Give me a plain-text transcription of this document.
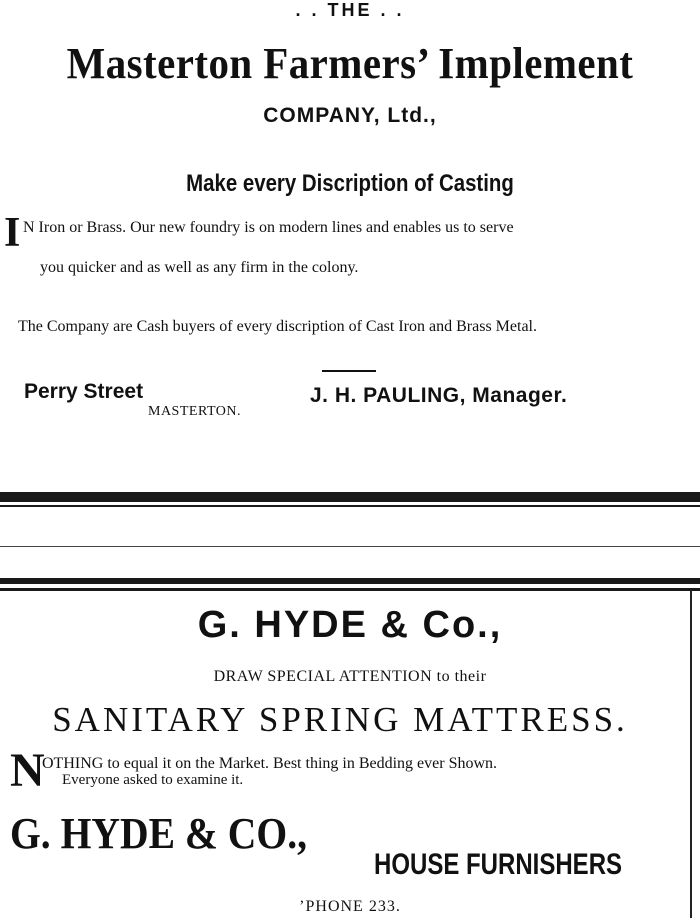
. . THE . .
Masterton Farmers’ Implement
COMPANY, Ltd.,
Make every Discription of Casting
I N Iron or Brass. Our new foundry is on modern lines and enables us to serve
you quicker and as well as any firm in the colony.
The Company are Cash buyers of every discription of Cast Iron and Brass Metal.
Perry Street
MASTERTON.
J. H. PAULING, Manager.
G. HYDE & Co.,
DRAW SPECIAL ATTENTION to their
SANITARY SPRING MATTRESS.
N
OTHING to equal it on the Market. Best thing in Bedding ever Shown.
Everyone asked to examine it.
G. HYDE & CO.,
HOUSE FURNISHERS
’PHONE 233.
